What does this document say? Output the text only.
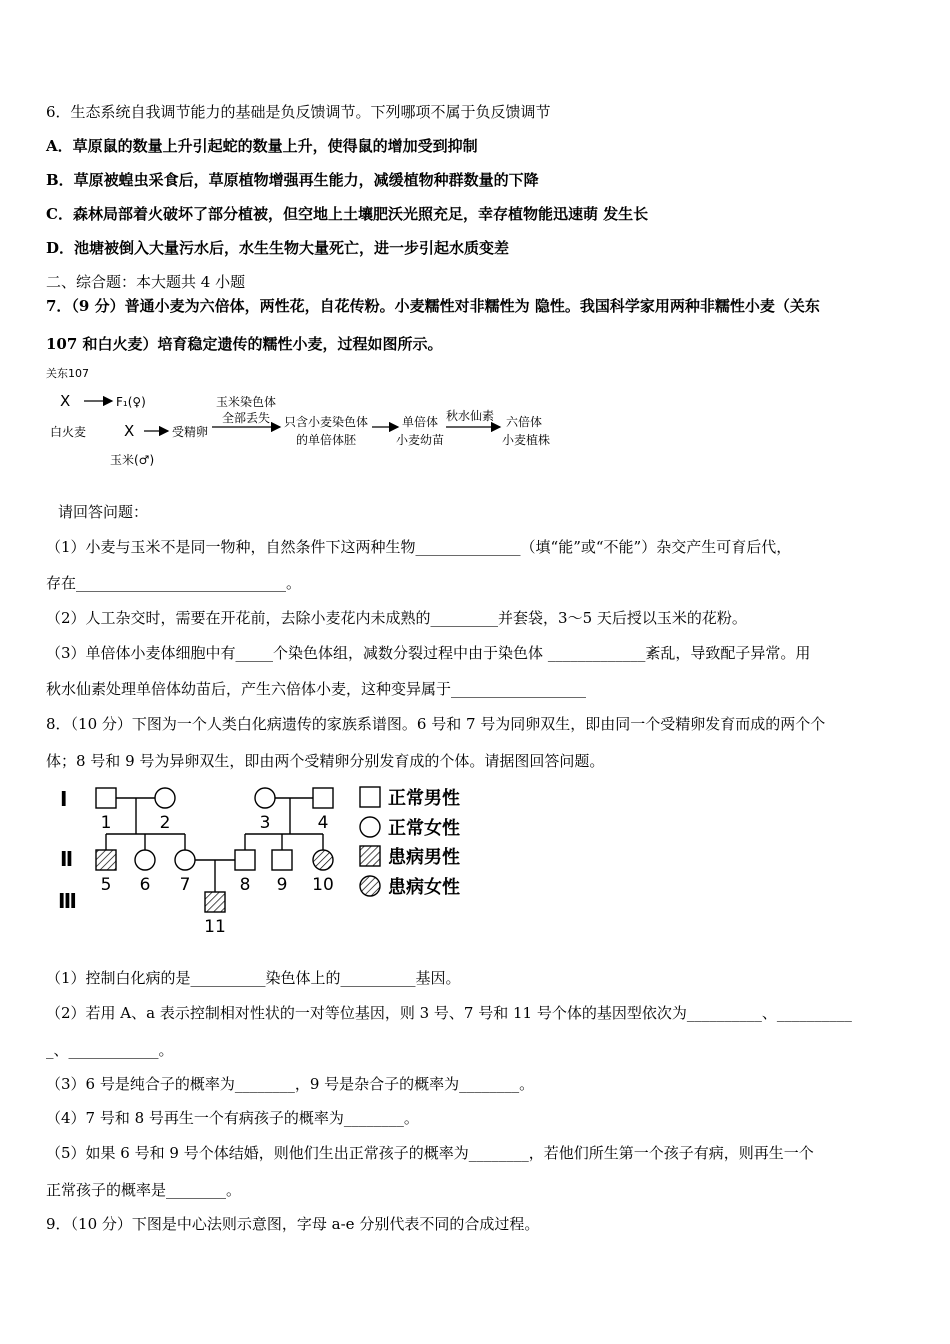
6．生态系统自我调节能力的基础是负反馈调节。下列哪项不属于负反馈调节
A．草原鼠的数量上升引起蛇的数量上升，使得鼠的增加受到抑制
B．草原被蝗虫采食后，草原植物增强再生能力，减缓植物种群数量的下降
C．森林局部着火破坏了部分植被，但空地上土壤肥沃光照充足，幸存植物能迅速萌 发生长
D．池塘被倒入大量污水后，水生生物大量死亡，进一步引起水质变差
二、综合题：本大题共 4 小题
7．（9 分）普通小麦为六倍体，两性花，自花传粉。小麦糯性对非糯性为 隐性。我国科学家用两种非糯性小麦（关东
107 和白火麦）培育稳定遗传的糯性小麦，过程如图所示。
关东107
X	F₁(♀)
白火麦	X	受精卵
玉米(♂)
玉米染色体
全部丢失 只含小麦染色体
的单倍体胚
单倍体
小麦幼苗
秋水仙素 六倍体
小麦植株
请回答问题：
（1）小麦与玉米不是同一物种，自然条件下这两种生物______________（填“能”或“不能”）杂交产生可育后代，
存在____________________________。
（2）人工杂交时，需要在开花前，去除小麦花内未成熟的_________并套袋，3～5 天后授以玉米的花粉。
（3）单倍体小麦体细胞中有_____个染色体组，减数分裂过程中由于染色体 _____________紊乱，导致配子异常。用
秋水仙素处理单倍体幼苗后，产生六倍体小麦，这种变异属于__________________
8．（10 分）下图为一个人类白化病遗传的家族系谱图。6 号和 7 号为同卵双生，即由同一个受精卵发育而成的两个个
体；8 号和 9 号为异卵双生，即由两个受精卵分别发育成的个体。请据图回答问题。
Ⅰ
Ⅱ
Ⅲ
1	2	3	4
5 6 7	8 9 10
11
正常男性
正常女性
患病男性
患病女性
（1）控制白化病的是__________染色体上的__________基因。
（2）若用 A、a 表示控制相对性状的一对等位基因，则 3 号、7 号和 11 号个体的基因型依次为__________、__________
_、____________。
（3）6 号是纯合子的概率为________，9 号是杂合子的概率为________。
（4）7 号和 8 号再生一个有病孩子的概率为________。
（5）如果 6 号和 9 号个体结婚，则他们生出正常孩子的概率为________，若他们所生第一个孩子有病，则再生一个
正常孩子的概率是________。
9．（10 分）下图是中心法则示意图，字母 a-e 分别代表不同的合成过程。
